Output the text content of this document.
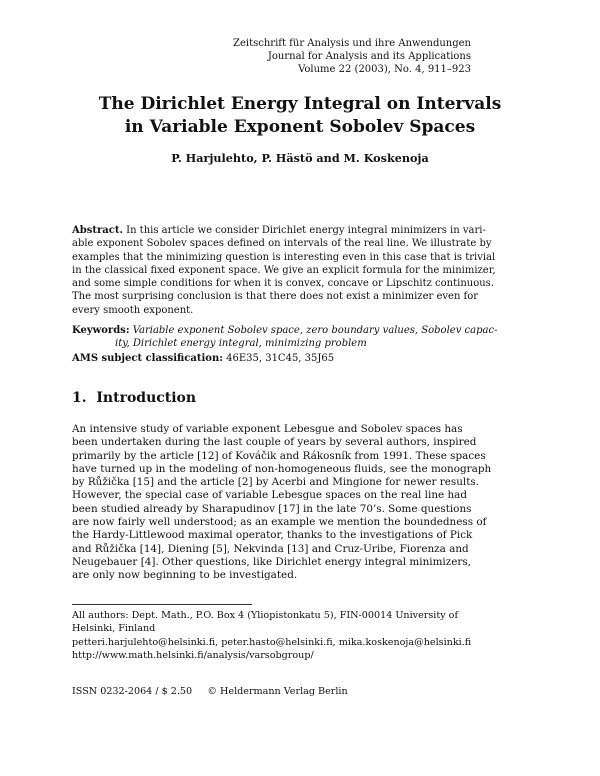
Zeitschrift für Analysis und ihre Anwendungen
Journal for Analysis and its Applications
Volume 22 (2003), No. 4, 911–923
The Dirichlet Energy Integral on Intervals
in Variable Exponent Sobolev Spaces
P. Harjulehto, P. Hästö and M. Koskenoja
Abstract. In this article we consider Dirichlet energy integral minimizers in vari-
able exponent Sobolev spaces defined on intervals of the real line. We illustrate by
examples that the minimizing question is interesting even in this case that is trivial
in the classical fixed exponent space. We give an explicit formula for the minimizer,
and some simple conditions for when it is convex, concave or Lipschitz continuous.
The most surprising conclusion is that there does not exist a minimizer even for
every smooth exponent.
Keywords: Variable exponent Sobolev space, zero boundary values, Sobolev capac-
ity, Dirichlet energy integral, minimizing problem
AMS subject classification: 46E35, 31C45, 35J65
1. Introduction
An intensive study of variable exponent Lebesgue and Sobolev spaces has
been undertaken during the last couple of years by several authors, inspired
primarily by the article [12] of Kováčik and Rákosník from 1991. These spaces
have turned up in the modeling of non-homogeneous fluids, see the monograph
by Růžička [15] and the article [2] by Acerbi and Mingione for newer results.
However, the special case of variable Lebesgue spaces on the real line had
been studied already by Sharapudinov [17] in the late 70’s. Some questions
are now fairly well understood; as an example we mention the boundedness of
the Hardy-Littlewood maximal operator, thanks to the investigations of Pick
and Růžička [14], Diening [5], Nekvinda [13] and Cruz-Uribe, Fiorenza and
Neugebauer [4]. Other questions, like Dirichlet energy integral minimizers,
are only now beginning to be investigated.
All authors: Dept. Math., P.O. Box 4 (Yliopistonkatu 5), FIN-00014 University of
Helsinki, Finland
petteri.harjulehto@helsinki.fi, peter.hasto@helsinki.fi, mika.koskenoja@helsinki.fi
http://www.math.helsinki.fi/analysis/varsobgroup/
ISSN 0232-2064 / $ 2.50     © Heldermann Verlag Berlin
